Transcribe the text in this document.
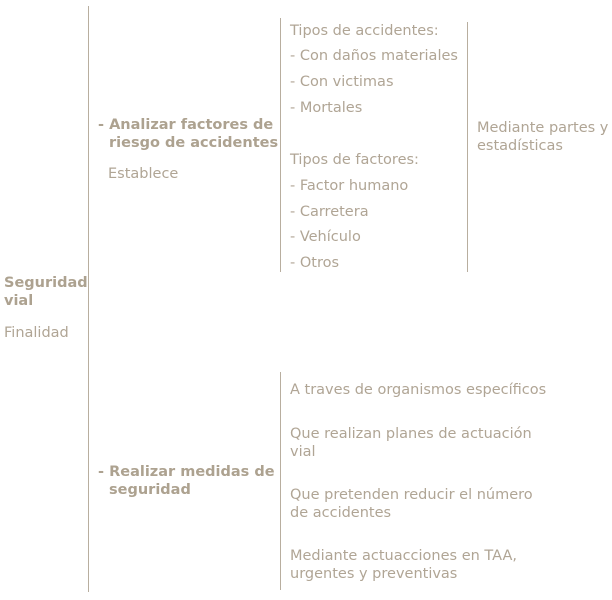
Seguridad vial
Finalidad
- Analizar factores de riesgo de accidentes
Establece
Tipos de accidentes:
- Con daños materiales
- Con victimas
- Mortales
Tipos de factores:
- Factor humano
- Carretera
- Vehículo
- Otros
Mediante partes y estadísticas
- Realizar medidas de seguridad
A traves de organismos específicos
Que realizan planes de actuación vial
Que pretenden reducir el número de accidentes
Mediante actuacciones en TAA, urgentes y preventivas
